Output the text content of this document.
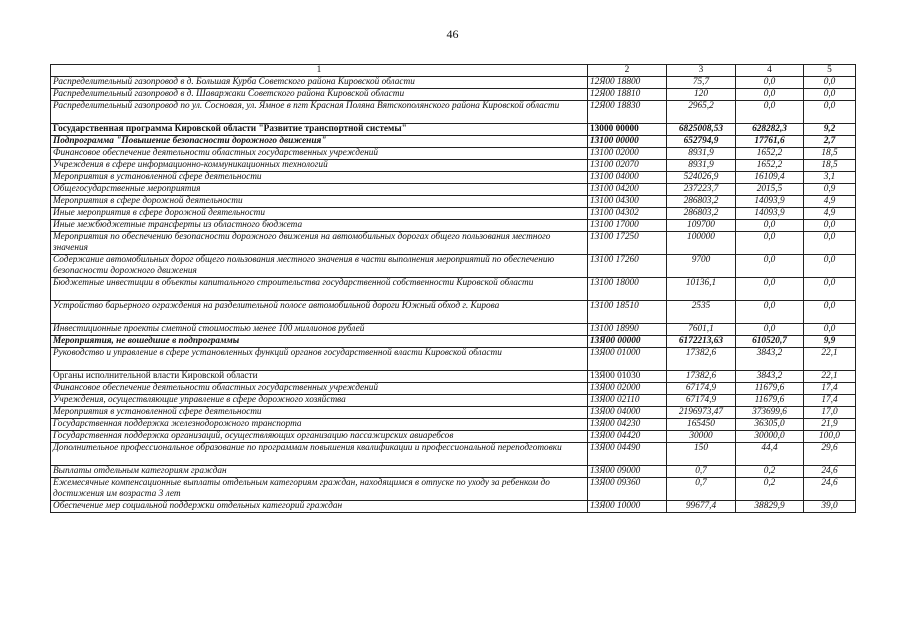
46
1	2	3	4	5
Распределительный газопровод в д. Большая Курба Советского района Кировской области	12Я00 18800	75,7	0,0	0,0
Распределительный газопровод в д. Шаваржаки Советского района Кировской области	12Я00 18810	120	0,0	0,0
Распределительный газопровод по ул. Сосновая, ул. Ямное в пгт Красная Поляна Вятскополянского района Кировской области	12Я00 18830	2965,2	0,0	0,0
Государственная программа Кировской области "Развитие транспортной системы"	13000 00000	6825008,53	628282,3	9,2
Подпрограмма "Повышение безопасности дорожного движения"	13100 00000	652794,9	17761,6	2,7
Финансовое обеспечение деятельности областных государственных учреждений	13100 02000	8931,9	1652,2	18,5
Учреждения в сфере информационно-коммуникационных технологий	13100 02070	8931,9	1652,2	18,5
Мероприятия в установленной сфере деятельности	13100 04000	524026,9	16109,4	3,1
Общегосударственные мероприятия	13100 04200	237223,7	2015,5	0,9
Мероприятия в сфере дорожной деятельности	13100 04300	286803,2	14093,9	4,9
Иные мероприятия в сфере дорожной деятельности	13100 04302	286803,2	14093,9	4,9
Иные межбюджетные трансферты из областного бюджета	13100 17000	109700	0,0	0,0
Мероприятия по обеспечению безопасности дорожного движения на автомобильных дорогах общего пользования местного значения	13100 17250	100000	0,0	0,0
Содержание автомобильных дорог общего пользования местного значения в части выполнения мероприятий по обеспечению безопасности дорожного движения	13100 17260	9700	0,0	0,0
Бюджетные инвестиции в объекты капитального строительства государственной собственности Кировской области	13100 18000	10136,1	0,0	0,0
Устройство барьерного ограждения на разделительной полосе автомобильной дороги Южный обход г. Кирова	13100 18510	2535	0,0	0,0
Инвестиционные проекты сметной стоимостью менее 100 миллионов рублей	13100 18990	7601,1	0,0	0,0
Мероприятия, не вошедшие в подпрограммы	13Я00 00000	6172213,63	610520,7	9,9
Руководство и управление в сфере установленных функций органов государственной власти Кировской области	13Я00 01000	17382,6	3843,2	22,1
Органы исполнительной власти Кировской области	13Я00 01030	17382,6	3843,2	22,1
Финансовое обеспечение деятельности областных государственных учреждений	13Я00 02000	67174,9	11679,6	17,4
Учреждения, осуществляющие управление в сфере дорожного хозяйства	13Я00 02110	67174,9	11679,6	17,4
Мероприятия в установленной сфере деятельности	13Я00 04000	2196973,47	373699,6	17,0
Государственная поддержка железнодорожного транспорта	13Я00 04230	165450	36305,0	21,9
Государственная поддержка организаций, осуществляющих организацию пассажирских авиаребсов	13Я00 04420	30000	30000,0	100,0
Дополнительное профессиональное образование по программам повышения квалификации и профессиональной переподготовки	13Я00 04490	150	44,4	29,6
Выплаты отдельным категориям граждан	13Я00 09000	0,7	0,2	24,6
Ежемесячные компенсационные выплаты отдельным категориям граждан, находящимся в отпуске по уходу за ребенком до достижения им возраста 3 лет	13Я00 09360	0,7	0,2	24,6
Обеспечение мер социальной поддержки отдельных категорий граждан	13Я00 10000	99677,4	38829,9	39,0
